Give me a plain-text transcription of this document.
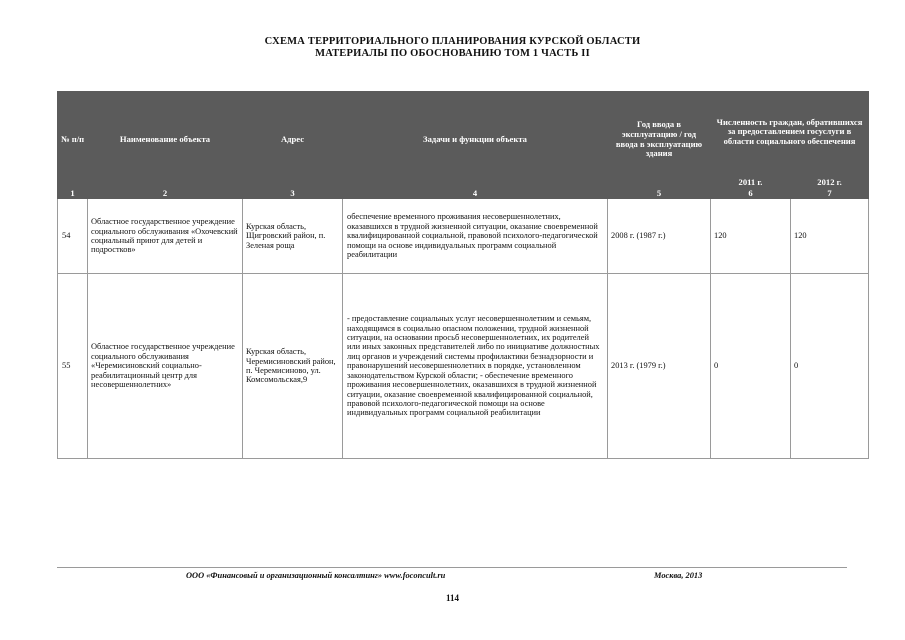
СХЕМА ТЕРРИТОРИАЛЬНОГО ПЛАНИРОВАНИЯ КУРСКОЙ ОБЛАСТИ
МАТЕРИАЛЫ ПО ОБОСНОВАНИЮ ТОМ 1 ЧАСТЬ II
№ п/п	Наименование объекта	Адрес	Задачи и функции объекта	Год ввода в эксплуатацию / год ввода в эксплуатацию здания	Численность граждан, обратившихся за предоставлением госуслуги в области социального обеспечения	
					2011 г.	2012 г.
1	2	3	4	5	6	7
54	Областное государственное учреждение социального обслуживания «Охочевский социальный приют для детей и подростков»	Курская область, Щигровский район, п. Зеленая роща	обеспечение временного проживания несовершеннолетних, оказавшихся в трудной жизненной ситуации, оказание своевременной квалифицированной социальной, правовой психолого-педагогической помощи на основе индивидуальных программ социальной реабилитации	2008 г. (1987 г.)	120	120
55	Областное государственное учреждение социального обслуживания «Черемисиновский социально-реабилитационный центр для несовершеннолетних»	Курская область, Черемисиновский район, п. Черемисиново, ул. Комсомольская,9	- предоставление социальных услуг несовершеннолетним и семьям, находящимся в социально опасном положении, трудной жизненной ситуации, на основании просьб несовершеннолетних, их родителей или иных законных представителей либо по инициативе должностных лиц органов и учреждений системы профилактики безнадзорности и правонарушений несовершеннолетних в порядке, установленном законодательством Курской области; - обеспечение временного проживания несовершеннолетних, оказавшихся в трудной жизненной ситуации, оказание своевременной квалифицированной социальной, правовой психолого-педагогической помощи на основе индивидуальных программ социальной реабилитации	2013 г. (1979 г.)	0	0
ООО «Финансовый и организационный консалтинг» www.foconcult.ru	Москва, 2013
114
